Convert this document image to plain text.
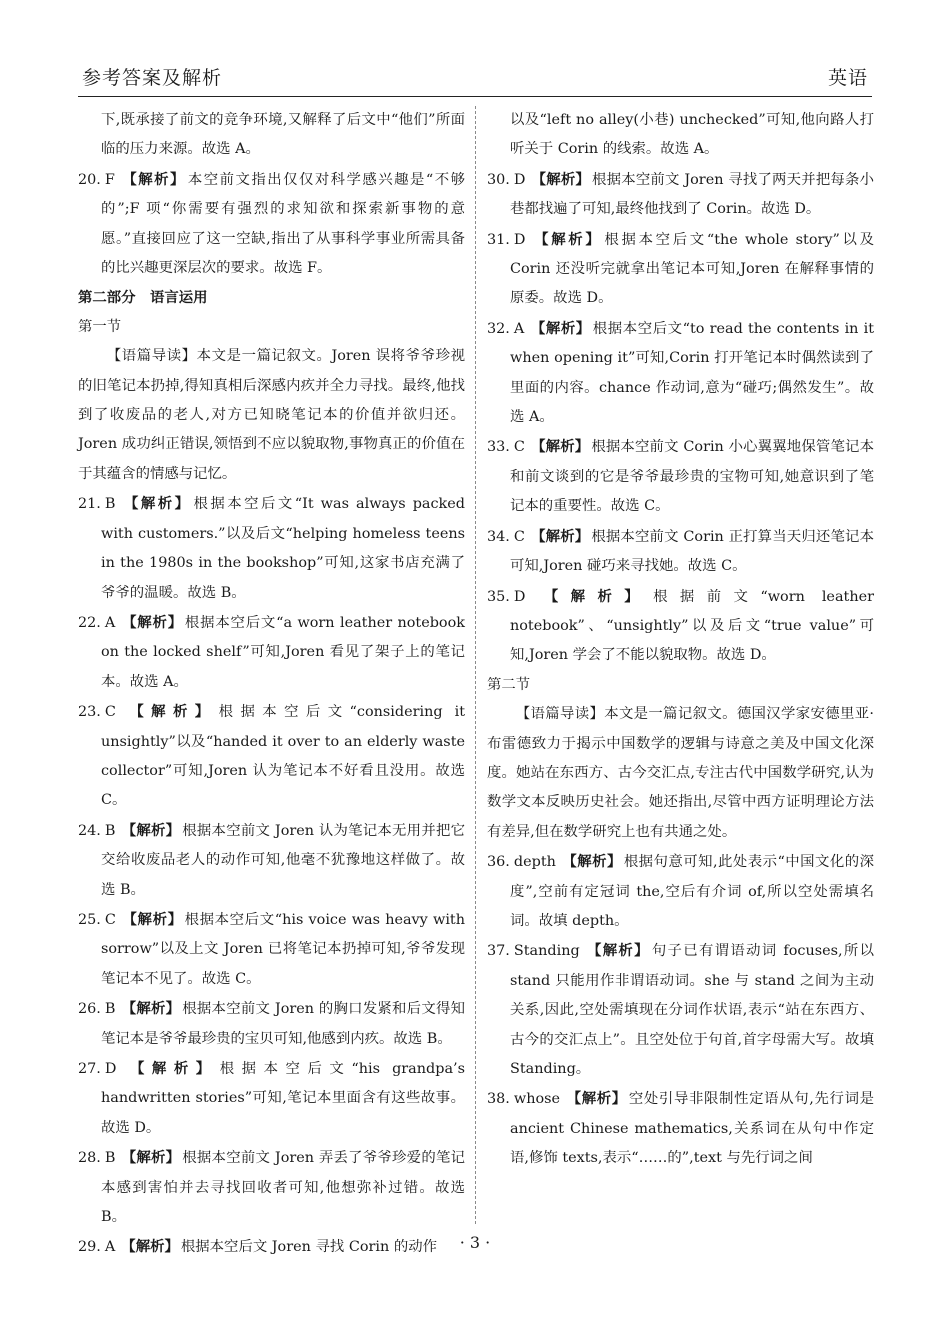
参考答案及解析	英语

下,既承接了前文的竞争环境,又解释了后文中“他们”所面临的压力来源。故选 A。

20. F 【解析】 本空前文指出仅仅对科学感兴趣是“不够的”;F 项“你需要有强烈的求知欲和探索新事物的意愿。”直接回应了这一空缺,指出了从事科学事业所需具备的比兴趣更深层次的要求。故选 F。

第二部分　语言运用

第一节

【语篇导读】本文是一篇记叙文。Joren 误将爷爷珍视的旧笔记本扔掉,得知真相后深感内疚并全力寻找。最终,他找到了收废品的老人,对方已知晓笔记本的价值并欲归还。Joren 成功纠正错误,领悟到不应以貌取物,事物真正的价值在于其蕴含的情感与记忆。

21. B 【解析】 根据本空后文“It was always packed with customers.”以及后文“helping homeless teens in the 1980s in the bookshop”可知,这家书店充满了爷爷的温暖。故选 B。

22. A 【解析】 根据本空后文“a worn leather notebook on the locked shelf”可知,Joren 看见了架子上的笔记本。故选 A。

23. C 【解析】 根据本空后文“considering it unsightly”以及“handed it over to an elderly waste collector”可知,Joren 认为笔记本不好看且没用。故选 C。

24. B 【解析】 根据本空前文 Joren 认为笔记本无用并把它交给收废品老人的动作可知,他毫不犹豫地这样做了。故选 B。

25. C 【解析】 根据本空后文“his voice was heavy with sorrow”以及上文 Joren 已将笔记本扔掉可知,爷爷发现笔记本不见了。故选 C。

26. B 【解析】 根据本空前文 Joren 的胸口发紧和后文得知笔记本是爷爷最珍贵的宝贝可知,他感到内疚。故选 B。

27. D 【解析】 根据本空后文“his grandpa’s handwritten stories”可知,笔记本里面含有这些故事。故选 D。

28. B 【解析】 根据本空前文 Joren 弄丢了爷爷珍爱的笔记本感到害怕并去寻找回收者可知,他想弥补过错。故选 B。

29. A 【解析】 根据本空后文 Joren 寻找 Corin 的动作

以及“left no alley(小巷) unchecked”可知,他向路人打听关于 Corin 的线索。故选 A。

30. D 【解析】 根据本空前文 Joren 寻找了两天并把每条小巷都找遍了可知,最终他找到了 Corin。故选 D。

31. D 【解析】 根据本空后文“the whole story”以及 Corin 还没听完就拿出笔记本可知,Joren 在解释事情的原委。故选 D。

32. A 【解析】 根据本空后文“to read the contents in it when opening it”可知,Corin 打开笔记本时偶然读到了里面的内容。chance 作动词,意为“碰巧;偶然发生”。故选 A。

33. C 【解析】 根据本空前文 Corin 小心翼翼地保管笔记本和前文谈到的它是爷爷最珍贵的宝物可知,她意识到了笔记本的重要性。故选 C。

34. C 【解析】 根据本空前文 Corin 正打算当天归还笔记本可知,Joren 碰巧来寻找她。故选 C。

35. D 【解析】 根据前文“worn leather notebook”、“unsightly”以及后文“true value”可知,Joren 学会了不能以貌取物。故选 D。

第二节

【语篇导读】本文是一篇记叙文。德国汉学家安德里亚·布雷德致力于揭示中国数学的逻辑与诗意之美及中国文化深度。她站在东西方、古今交汇点,专注古代中国数学研究,认为数学文本反映历史社会。她还指出,尽管中西方证明理论方法有差异,但在数学研究上也有共通之处。

36. depth 【解析】 根据句意可知,此处表示“中国文化的深度”,空前有定冠词 the,空后有介词 of,所以空处需填名词。故填 depth。

37. Standing 【解析】 句子已有谓语动词 focuses,所以 stand 只能用作非谓语动词。she 与 stand 之间为主动关系,因此,空处需填现在分词作状语,表示“站在东西方、古今的交汇点上”。且空处位于句首,首字母需大写。故填 Standing。

38. whose 【解析】 空处引导非限制性定语从句,先行词是 ancient Chinese mathematics,关系词在从句中作定语,修饰 texts,表示“……的”,text 与先行词之间

· 3 ·
